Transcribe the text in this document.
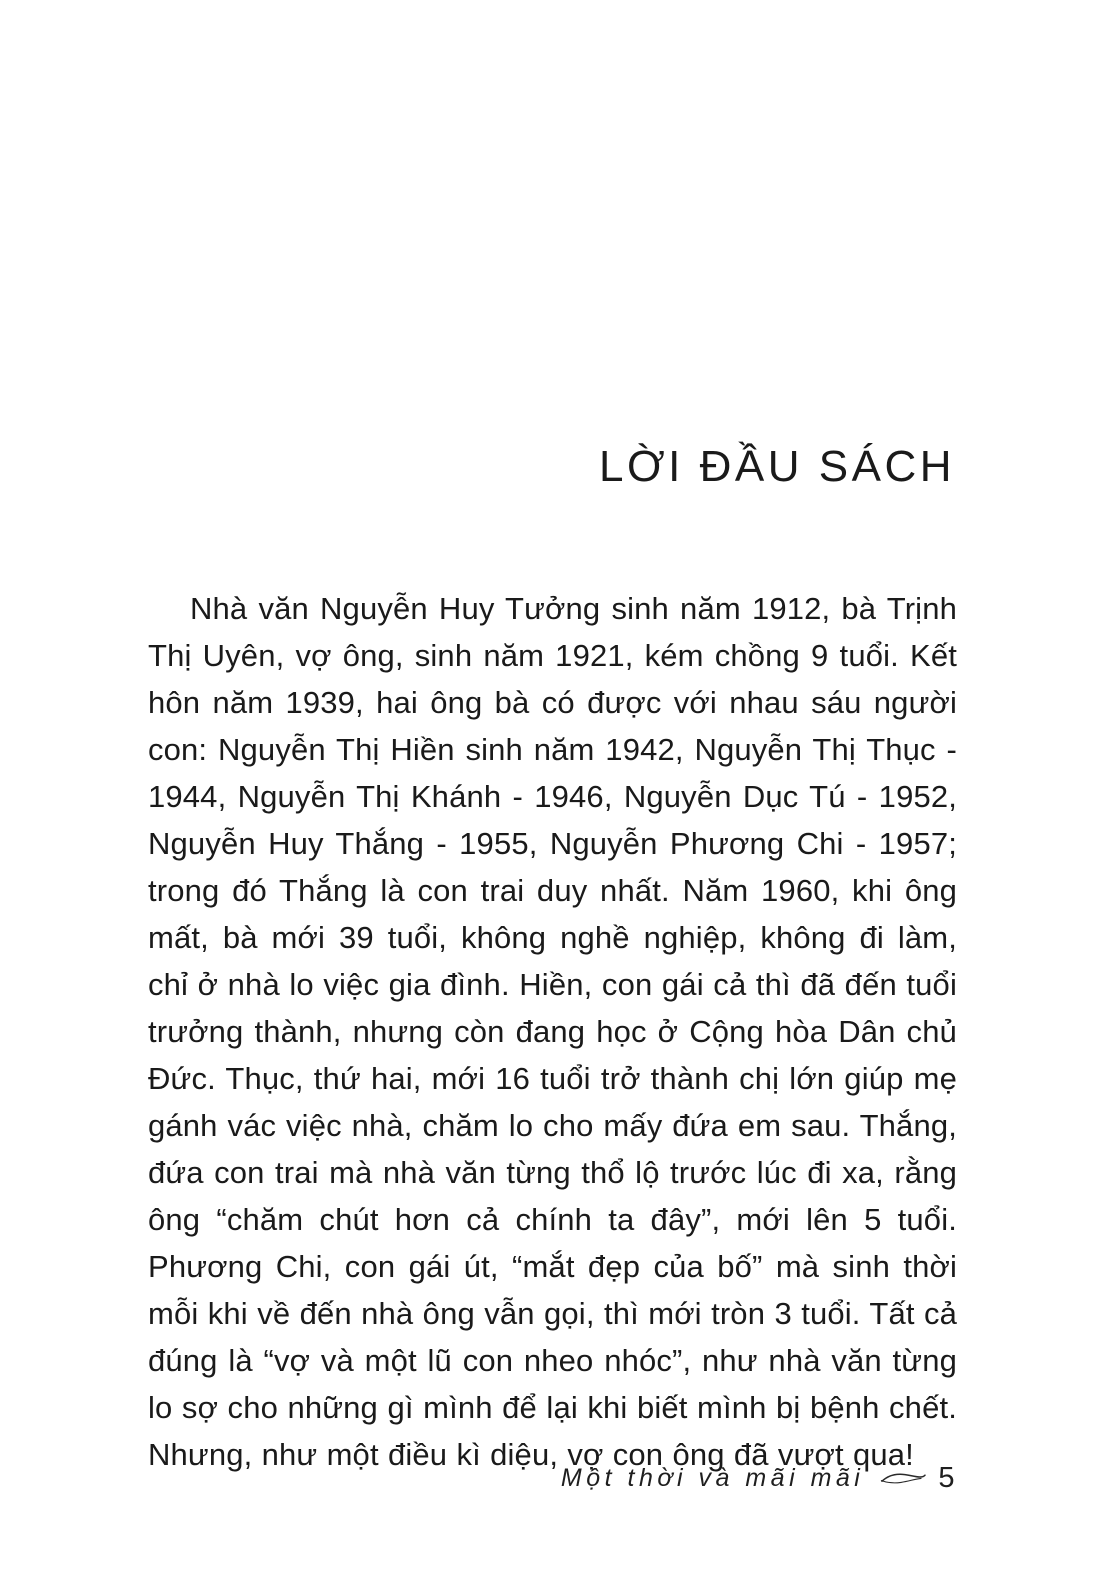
LỜI ĐẦU SÁCH

Nhà văn Nguyễn Huy Tưởng sinh năm 1912, bà Trịnh Thị Uyên, vợ ông, sinh năm 1921, kém chồng 9 tuổi. Kết hôn năm 1939, hai ông bà có được với nhau sáu người con: Nguyễn Thị Hiền sinh năm 1942, Nguyễn Thị Thục - 1944, Nguyễn Thị Khánh - 1946, Nguyễn Dục Tú - 1952, Nguyễn Huy Thắng - 1955, Nguyễn Phương Chi - 1957; trong đó Thắng là con trai duy nhất. Năm 1960, khi ông mất, bà mới 39 tuổi, không nghề nghiệp, không đi làm, chỉ ở nhà lo việc gia đình. Hiền, con gái cả thì đã đến tuổi trưởng thành, nhưng còn đang học ở Cộng hòa Dân chủ Đức. Thục, thứ hai, mới 16 tuổi trở thành chị lớn giúp mẹ gánh vác việc nhà, chăm lo cho mấy đứa em sau. Thắng, đứa con trai mà nhà văn từng thổ lộ trước lúc đi xa, rằng ông “chăm chút hơn cả chính ta đây”, mới lên 5 tuổi. Phương Chi, con gái út, “mắt đẹp của bố” mà sinh thời mỗi khi về đến nhà ông vẫn gọi, thì mới tròn 3 tuổi. Tất cả đúng là “vợ và một lũ con nheo nhóc”, như nhà văn từng lo sợ cho những gì mình để lại khi biết mình bị bệnh chết. Nhưng, như một điều kì diệu, vợ con ông đã vượt qua!

Một thời và mãi mãi	5
